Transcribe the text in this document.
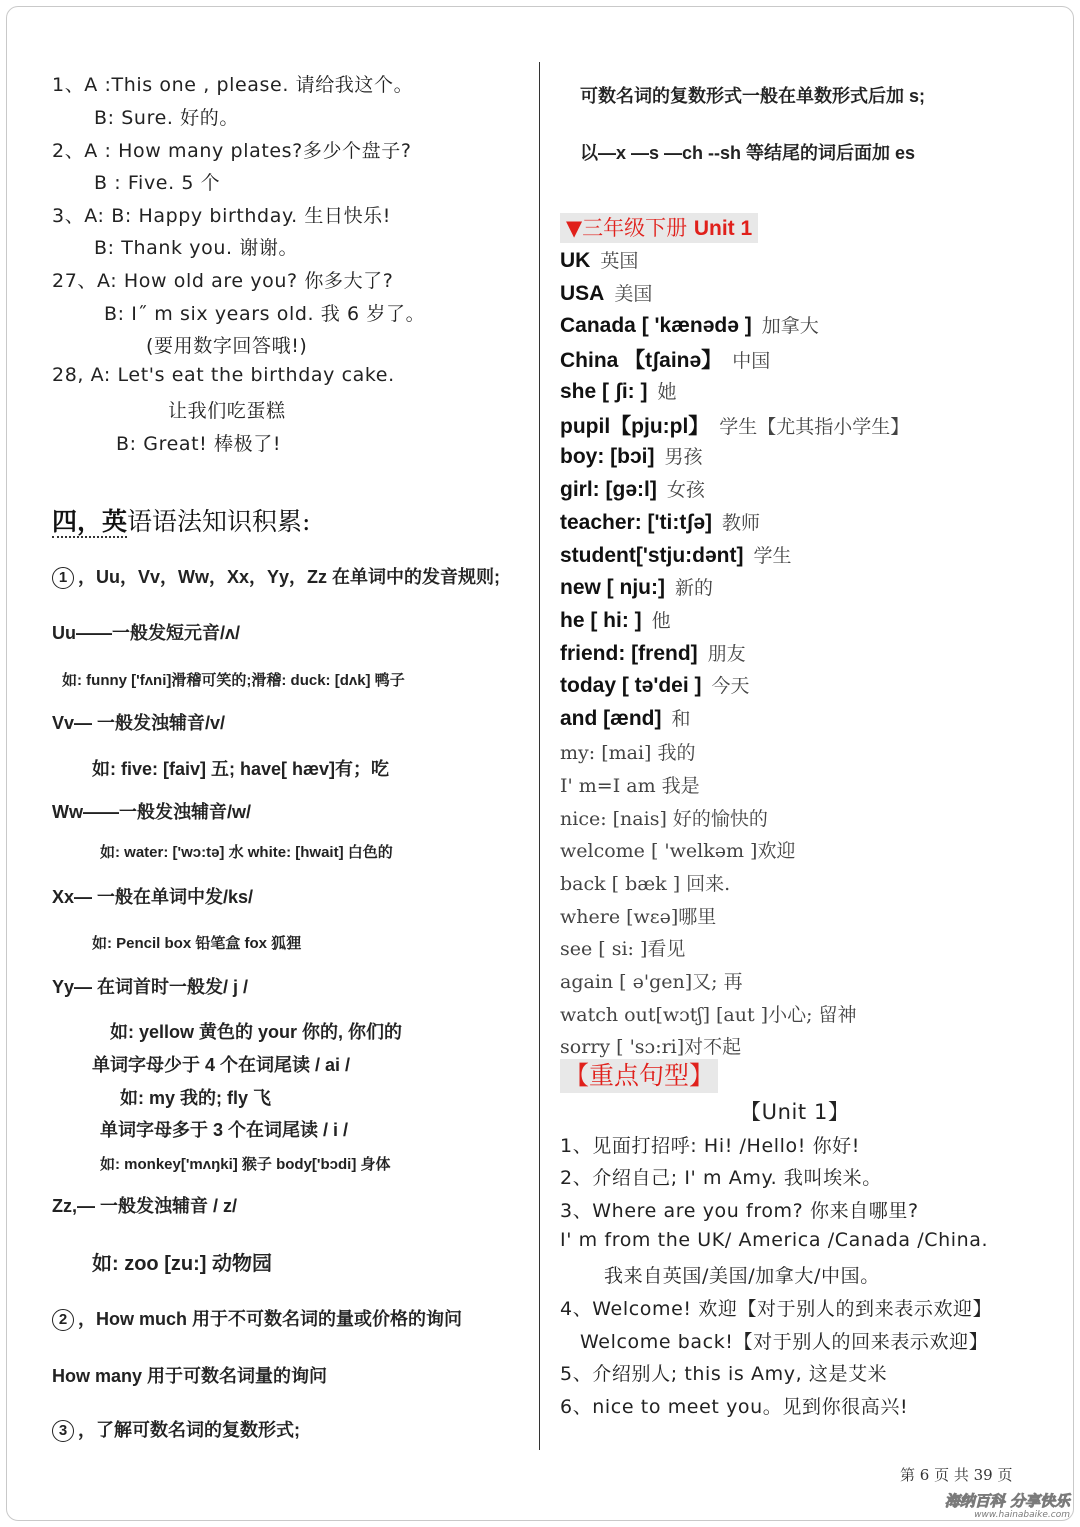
1、A :This one , please. 请给我这个。
B: Sure. 好的。
2、A : How many plates?多少个盘子?
B : Five. 5 个
3、A: B: Happy birthday. 生日快乐!
B: Thank you. 谢谢。
27、A: How old are you? 你多大了?
B: I˝ m six years old. 我 6 岁了。
(要用数字回答哦!)
28, A: Let's eat the birthday cake.
让我们吃蛋糕
B: Great! 棒极了!
四，英语语法知识积累:
1 ，Uu，Vv，Ww，Xx，Yy，Zz 在单词中的发音规则;
Uu——一般发短元音/ʌ/
如: funny ['fʌni]滑稽可笑的;滑稽: duck: [dʌk] 鸭子
Vv— 一般发浊辅音/v/
如: five: [faiv] 五; have[ hæv]有；吃
Ww——一般发浊辅音/w/
如: water: ['wɔ:tə] 水 white: [hwait] 白色的
Xx— 一般在单词中发/ks/
如: Pencil box 铅笔盒 fox 狐狸
Yy— 在词首时一般发/ j /
如: yellow 黄色的 your 你的, 你们的
单词字母少于 4 个在词尾读 / ai /
如: my 我的; fly 飞
单词字母多于 3 个在词尾读 / i /
如: monkey['mʌŋki] 猴子 body['bɔdi] 身体
Zz,— 一般发浊辅音 / z/
如: zoo [zu:] 动物园
2 ，How much 用于不可数名词的量或价格的询问
How many 用于可数名词量的询问
3 ，了解可数名词的复数形式;
可数名词的复数形式一般在单数形式后加 s;
以—x —s —ch --sh 等结尾的词后面加 es
▼三年级下册 Unit 1
UK 英国
USA 美国
Canada [ 'kænədə ] 加拿大
China 【tʃainə】 中国
she [ ʃi: ] 她
pupil【pju:pl】 学生【尤其指小学生】
boy: [bɔi] 男孩
girl: [gə:l] 女孩
teacher: ['ti:tʃə] 教师
student['stju:dənt] 学生
new [ nju:] 新的
he [ hi: ] 他
friend: [frend] 朋友
today [ tə'dei ] 今天
and [ænd] 和
my: [mai] 我的
I' m=I am 我是
nice: [nais] 好的愉快的
welcome [ 'welkəm ]欢迎
back [ bæk ] 回来.
where [wɛə]哪里
see [ si: ]看见
again [ ə'gen]又; 再
watch out[wɔtʃ] [aut ]小心; 留神
sorry [ 'sɔ:ri]对不起
【重点句型】
【Unit 1】
1、见面打招呼: Hi! /Hello! 你好!
2、介绍自己; I' m Amy. 我叫埃米。
3、Where are you from? 你来自哪里?
I' m from the UK/ America /Canada /China.
我来自英国/美国/加拿大/中国。
4、Welcome! 欢迎【对于别人的到来表示欢迎】
Welcome back!【对于别人的回来表示欢迎】
5、介绍别人; this is Amy, 这是艾米
6、nice to meet you。见到你很高兴!
第 6 页 共 39 页
海纳百科 分享快乐
www.hainabaike.com
